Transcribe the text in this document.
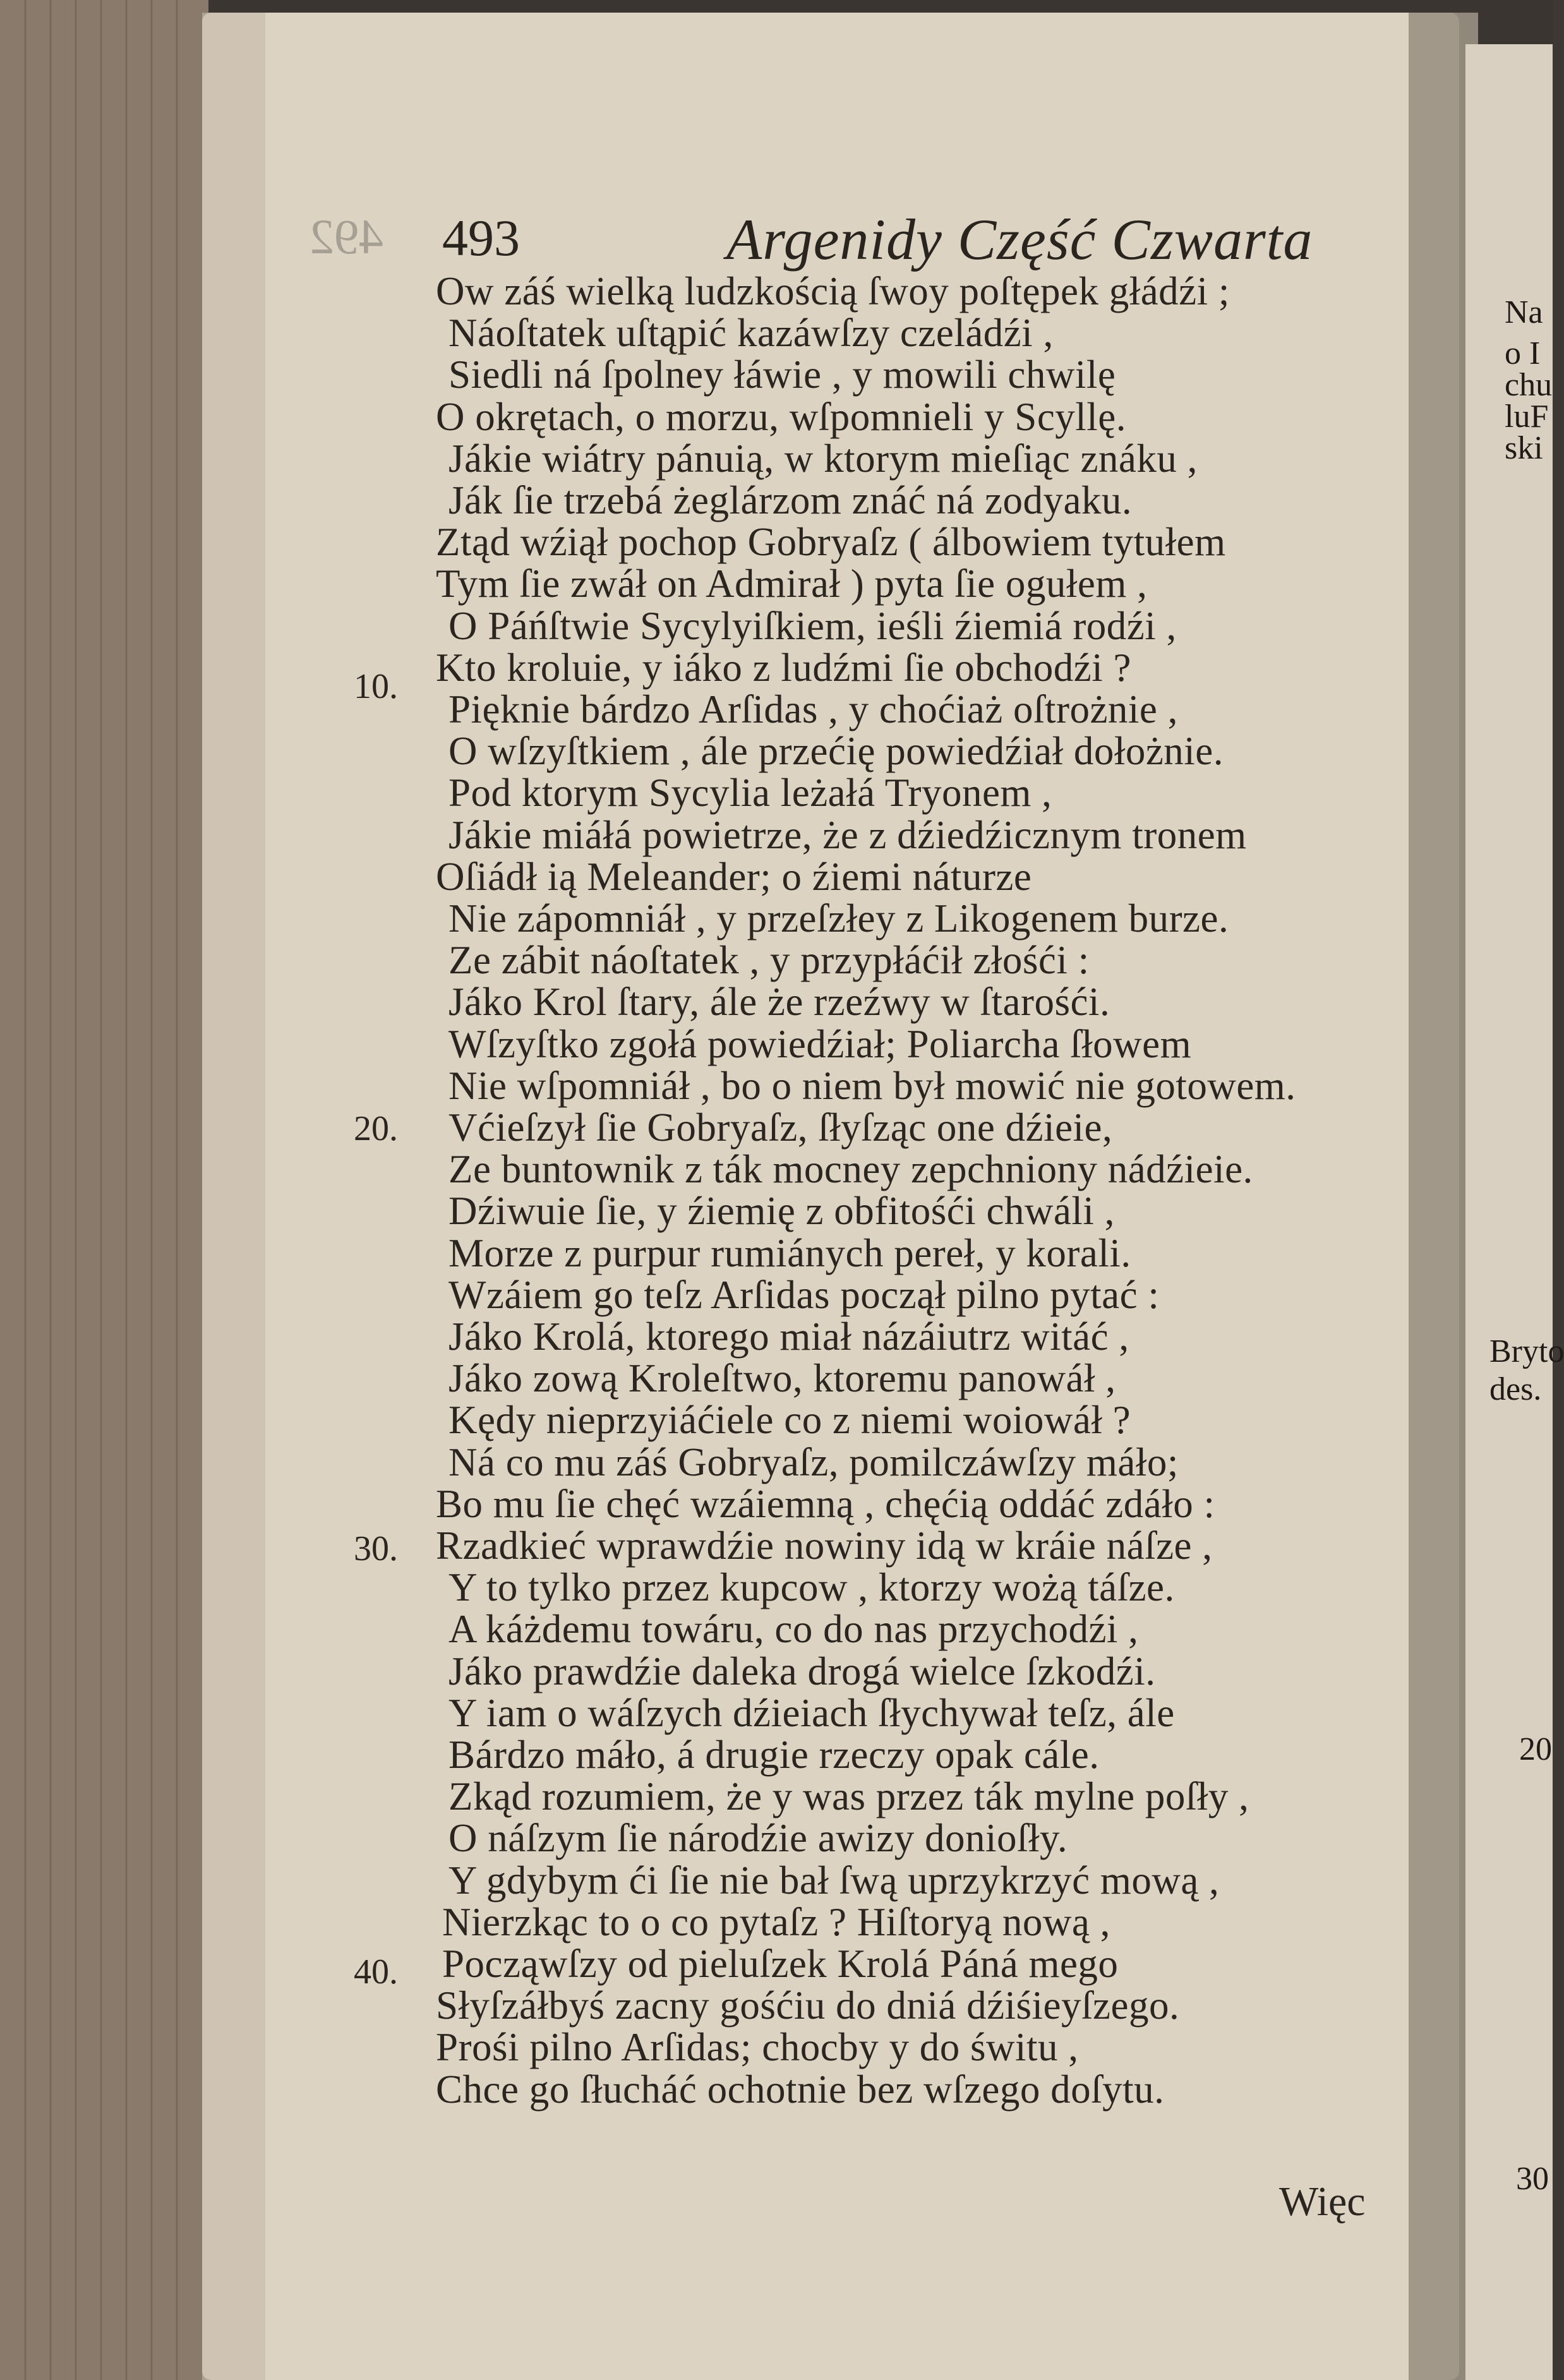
492 493	Argenidy Część Czwarta
Ow záś wielką ludzkością ſwoy poſtępek głádźi ;
Náoſtatek uſtąpić kazáwſzy czeládźi ,
Siedli ná ſpolney łáwie , y mowili chwilę
O okrętach, o morzu, wſpomnieli y Scyllę.
Jákie wiátry pánuią, w ktorym mieſiąc znáku ,
Ják ſie trzebá żeglárzom znáć ná zodyaku.
Ztąd wźiął pochop Gobryaſz ( álbowiem tytułem
Tym ſie zwáł on Admirał ) pyta ſie ogułem ,
O Páńſtwie Sycylyiſkiem, ieśli źiemiá rodźi ,
Kto kroluie, y iáko z ludźmi ſie obchodźi ?
Pięknie bárdzo Arſidas , y choćiaż oſtrożnie ,
O wſzyſtkiem , ále przećię powiedźiał dołożnie.
Pod ktorym Sycylia leżałá Tryonem ,
Jákie miáłá powietrze, że z dźiedźicznym tronem
Oſiádł ią Meleander; o źiemi náturze
Nie zápomniáł , y przeſzłey z Likogenem burze.
Ze zábit náoſtatek , y przypłáćił złośći :
Jáko Krol ſtary, ále że rzeźwy w ſtarośći.
Wſzyſtko zgołá powiedźiał; Poliarcha ſłowem
Nie wſpomniáł , bo o niem był mowić nie gotowem.
Vćieſzył ſie Gobryaſz, ſłyſząc one dźieie,
Ze buntownik z ták mocney zepchniony nádźieie.
Dźiwuie ſie, y źiemię z obfitośći chwáli ,
Morze z purpur rumiánych pereł, y korali.
Wzáiem go teſz Arſidas począł pilno pytać :
Jáko Krolá, ktorego miał názáiutrz witáć ,
Jáko zową Kroleſtwo, ktoremu panowáł ,
Kędy nieprzyiáćiele co z niemi woiowáł ?
Ná co mu záś Gobryaſz, pomilczáwſzy máło;
Bo mu ſie chęć wzáiemną , chęćią oddáć zdáło :
Rzadkieć wprawdźie nowiny idą w kráie náſze ,
Y to tylko przez kupcow , ktorzy wożą táſze.
A káżdemu towáru, co do nas przychodźi ,
Jáko prawdźie daleka drogá wielce ſzkodźi.
Y iam o wáſzych dźieiach ſłychywał teſz, ále
Bárdzo máło, á drugie rzeczy opak cále.
Zkąd rozumiem, że y was przez ták mylne poſły ,
O náſzym ſie národźie awizy donioſły.
Y gdybym ći ſie nie bał ſwą uprzykrzyć mową ,
Nierzkąc to o co pytaſz ? Hiſtoryą nową ,
Począwſzy od pieluſzek Krolá Páná mego
Słyſzáłbyś zacny gośćiu do dniá dźiśieyſzego.
Prośi pilno Arſidas; chocby y do świtu ,
Chce go ſłucháć ochotnie bez wſzego doſytu.
10.
20.
30.
40.
Więc
Na
o I
chu
luF
ski
Bryto
des.
20
30
